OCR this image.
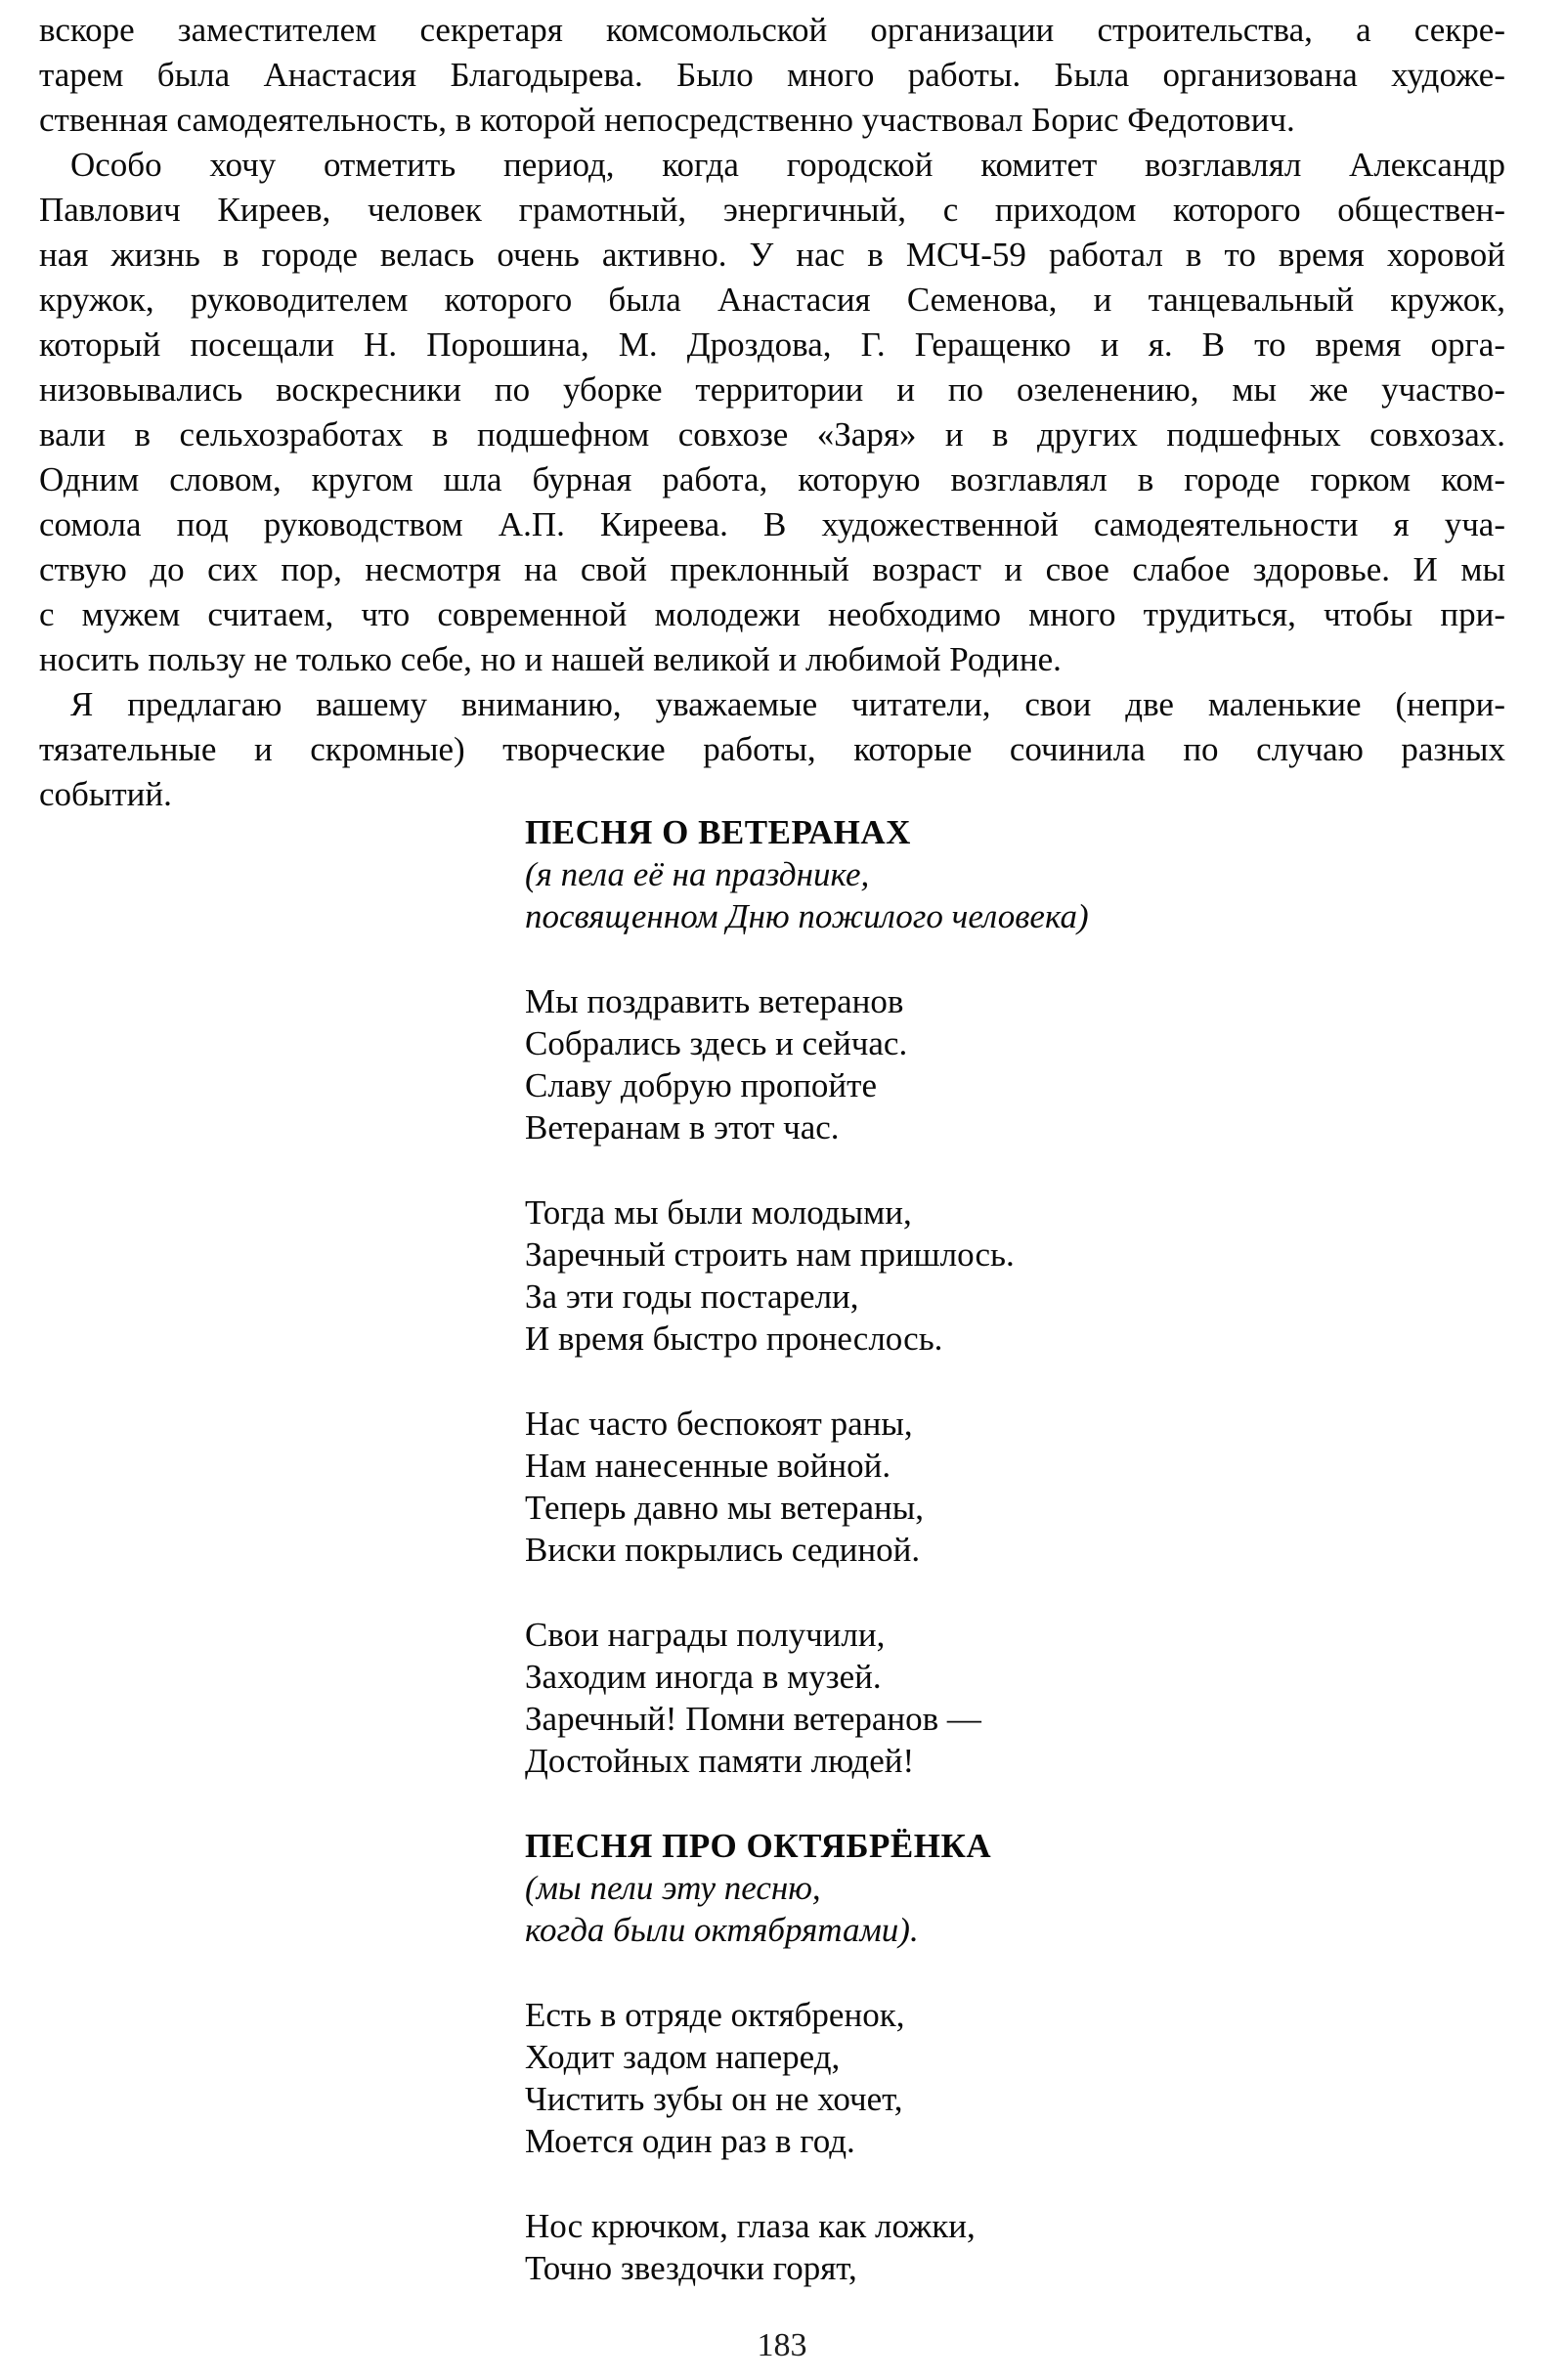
вскоре заместителем секретаря комсомольской организации строительства, а секре-
тарем была Анастасия Благодырева. Было много работы. Была организована художе-
ственная самодеятельность, в которой непосредственно участвовал Борис Федотович.
Особо хочу отметить период, когда городской комитет возглавлял Александр
Павлович Киреев, человек грамотный, энергичный, с приходом которого обществен-
ная жизнь в городе велась очень активно. У нас в МСЧ-59 работал в то время хоровой
кружок, руководителем которого была Анастасия Семенова, и танцевальный кружок,
который посещали Н. Порошина, М. Дроздова, Г. Геращенко и я. В то время орга-
низовывались воскресники по уборке территории и по озеленению, мы же участво-
вали в сельхозработах в подшефном совхозе «Заря» и в других подшефных совхозах.
Одним словом, кругом шла бурная работа, которую возглавлял в городе горком ком-
сомола под руководством А.П. Киреева. В художественной самодеятельности я уча-
ствую до сих пор, несмотря на свой преклонный возраст и свое слабое здоровье. И мы
с мужем считаем, что современной молодежи необходимо много трудиться, чтобы при-
носить пользу не только себе, но и нашей великой и любимой Родине.
Я предлагаю вашему вниманию, уважаемые читатели, свои две маленькие (непри-
тязательные и скромные) творческие работы, которые сочинила по случаю разных
событий.
ПЕСНЯ О ВЕТЕРАНАХ
(я пела её на празднике,
посвященном Дню пожилого человека)
Мы поздравить ветеранов
Собрались здесь и сейчас.
Славу добрую пропойте
Ветеранам в этот час.
Тогда мы были молодыми,
Заречный строить нам пришлось.
За эти годы постарели,
И время быстро пронеслось.
Нас часто беспокоят раны,
Нам нанесенные войной.
Теперь давно мы ветераны,
Виски покрылись сединой.
Свои награды получили,
Заходим иногда в музей.
Заречный! Помни ветеранов —
Достойных памяти людей!
ПЕСНЯ ПРО ОКТЯБРЁНКА
(мы пели эту песню,
когда были октябрятами).
Есть в отряде октябренок,
Ходит задом наперед,
Чистить зубы он не хочет,
Моется один раз в год.
Нос крючком, глаза как ложки,
Точно звездочки горят,
183
